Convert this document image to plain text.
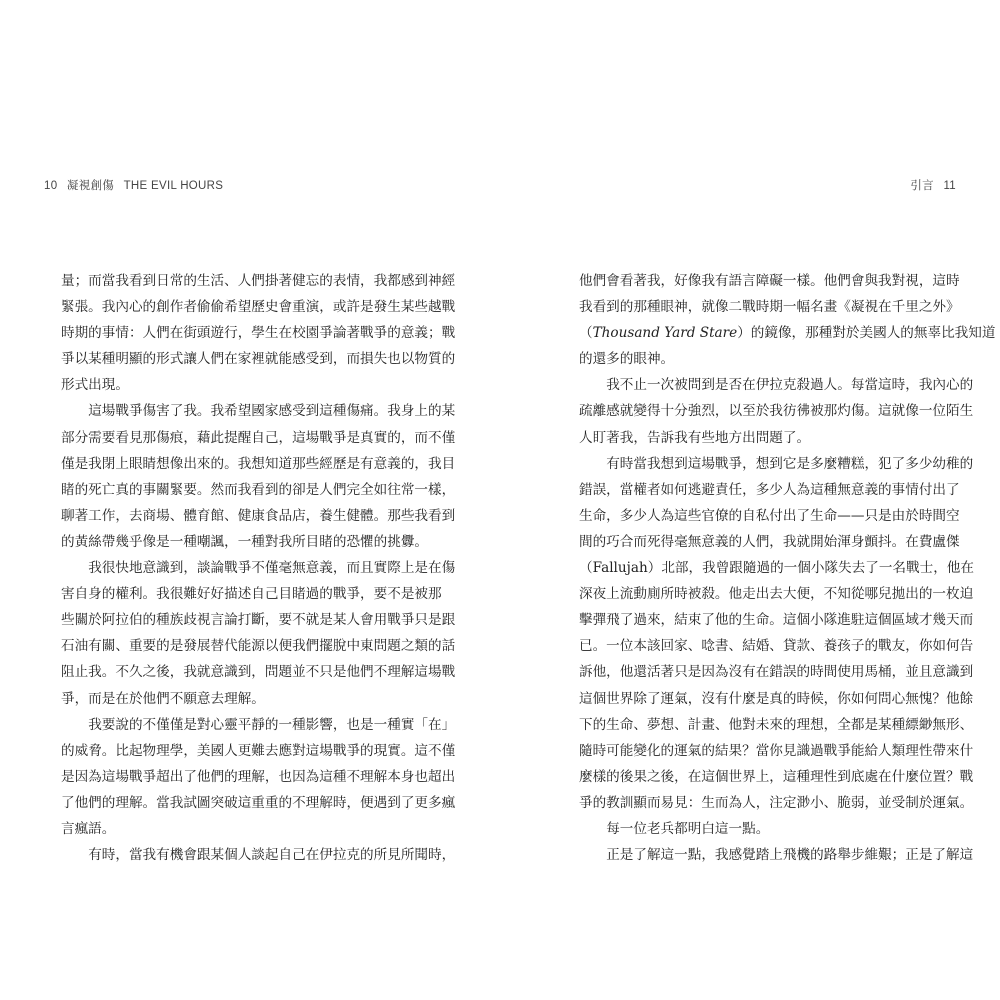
10 凝視創傷 THE EVIL HOURS	引言 11
量；而當我看到日常的生活、人們掛著健忘的表情，我都感到神經
緊張。我內心的創作者偷偷希望歷史會重演，或許是發生某些越戰
時期的事情：人們在街頭遊行，學生在校園爭論著戰爭的意義；戰
爭以某種明顯的形式讓人們在家裡就能感受到，而損失也以物質的
形式出現。
這場戰爭傷害了我。我希望國家感受到這種傷痛。我身上的某
部分需要看見那傷痕，藉此提醒自己，這場戰爭是真實的，而不僅
僅是我閉上眼睛想像出來的。我想知道那些經歷是有意義的，我目
睹的死亡真的事關緊要。然而我看到的卻是人們完全如往常一樣，
聊著工作，去商場、體育館、健康食品店，養生健體。那些我看到
的黃絲帶幾乎像是一種嘲諷，一種對我所目睹的恐懼的挑釁。
我很快地意識到，談論戰爭不僅毫無意義，而且實際上是在傷
害自身的權利。我很難好好描述自己目睹過的戰爭，要不是被那
些關於阿拉伯的種族歧視言論打斷，要不就是某人會用戰爭只是跟
石油有關、重要的是發展替代能源以便我們擺脫中東問題之類的話
阻止我。不久之後，我就意識到，問題並不只是他們不理解這場戰
爭，而是在於他們不願意去理解。
我要說的不僅僅是對心靈平靜的一種影響，也是一種實「在」
的威脅。比起物理學，美國人更難去應對這場戰爭的現實。這不僅
是因為這場戰爭超出了他們的理解，也因為這種不理解本身也超出
了他們的理解。當我試圖突破這重重的不理解時，便遇到了更多瘋
言瘋語。
有時，當我有機會跟某個人談起自己在伊拉克的所見所聞時，
他們會看著我，好像我有語言障礙一樣。他們會與我對視，這時
我看到的那種眼神，就像二戰時期一幅名畫《凝視在千里之外》
（Thousand Yard Stare）的鏡像，那種對於美國人的無辜比我知道
的還多的眼神。
我不止一次被問到是否在伊拉克殺過人。每當這時，我內心的
疏離感就變得十分強烈，以至於我彷彿被那灼傷。這就像一位陌生
人盯著我，告訴我有些地方出問題了。
有時當我想到這場戰爭，想到它是多麼糟糕，犯了多少幼稚的
錯誤，當權者如何逃避責任，多少人為這種無意義的事情付出了
生命，多少人為這些官僚的自私付出了生命——只是由於時間空
間的巧合而死得毫無意義的人們，我就開始渾身顫抖。在費盧傑
（Fallujah）北部，我曾跟隨過的一個小隊失去了一名戰士，他在
深夜上流動廁所時被殺。他走出去大便，不知從哪兒拋出的一枚迫
擊彈飛了過來，結束了他的生命。這個小隊進駐這個區域才幾天而
已。一位本該回家、唸書、結婚、貸款、養孩子的戰友，你如何告
訴他，他還活著只是因為沒有在錯誤的時間使用馬桶，並且意識到
這個世界除了運氣，沒有什麼是真的時候，你如何問心無愧？他餘
下的生命、夢想、計畫、他對未來的理想，全都是某種縹緲無形、
隨時可能變化的運氣的結果？當你見識過戰爭能給人類理性帶來什
麼樣的後果之後，在這個世界上，這種理性到底處在什麼位置？戰
爭的教訓顯而易見：生而為人，注定渺小、脆弱，並受制於運氣。
每一位老兵都明白這一點。
正是了解這一點，我感覺踏上飛機的路舉步維艱；正是了解這
